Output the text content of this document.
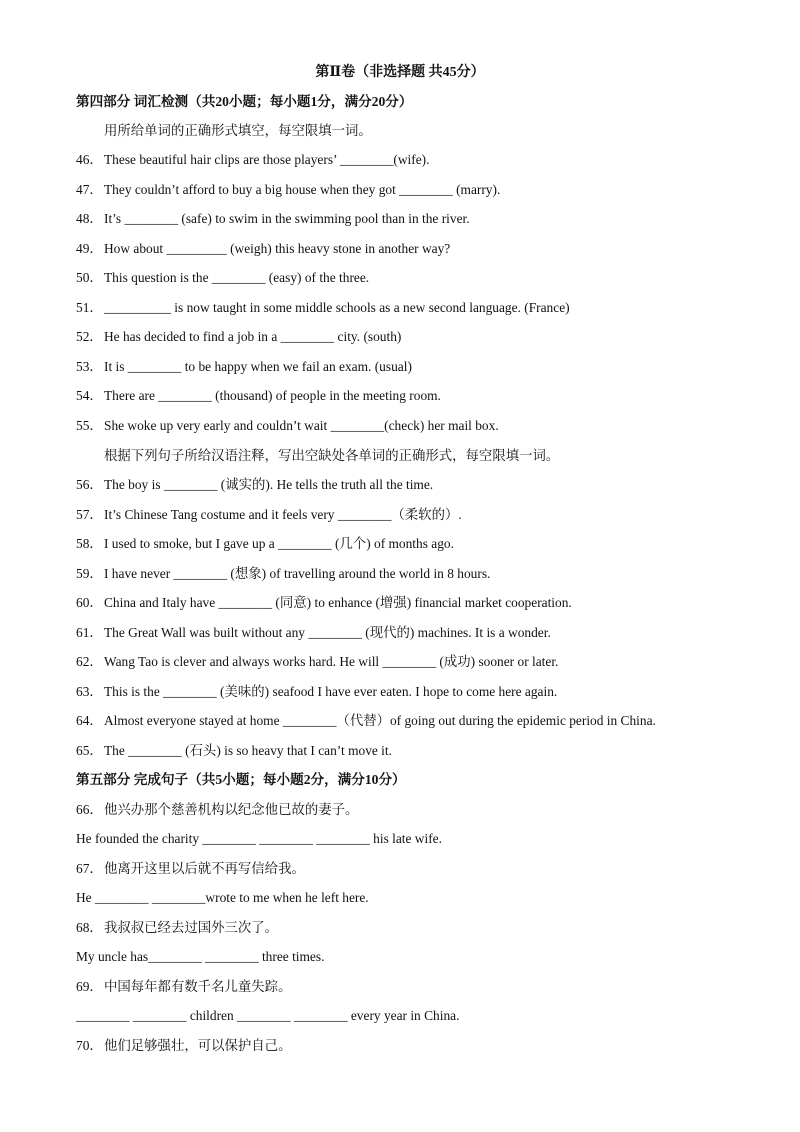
第Ⅱ卷（非选择题 共45分）
第四部分 词汇检测（共20小题；每小题1分，满分20分）
用所给单词的正确形式填空，每空限填一词。
46．These beautiful hair clips are those players’ ________(wife).
47．They couldn’t afford to buy a big house when they got ________ (marry).
48．It’s ________ (safe) to swim in the swimming pool than in the river.
49．How about _________ (weigh) this heavy stone in another way?
50．This question is the ________ (easy) of the three.
51．__________ is now taught in some middle schools as a new second language. (France)
52．He has decided to find a job in a ________ city. (south)
53．It is ________ to be happy when we fail an exam. (usual)
54．There are ________ (thousand) of people in the meeting room.
55．She woke up very early and couldn’t wait ________(check) her mail box.
根据下列句子所给汉语注释，写出空缺处各单词的正确形式，每空限填一词。
56．The boy is ________ (诚实的). He tells the truth all the time.
57．It’s Chinese Tang costume and it feels very ________（柔软的）.
58．I used to smoke, but I gave up a ________ (几个) of months ago.
59．I have never ________ (想象) of travelling around the world in 8 hours.
60．China and Italy have ________ (同意) to enhance (增强) financial market cooperation.
61．The Great Wall was built without any ________ (现代的) machines. It is a wonder.
62．Wang Tao is clever and always works hard. He will ________ (成功) sooner or later.
63．This is the ________ (美味的) seafood I have ever eaten. I hope to come here again.
64．Almost everyone stayed at home ________（代替）of going out during the epidemic period in China.
65．The ________ (石头) is so heavy that I can’t move it.
第五部分 完成句子（共5小题；每小题2分，满分10分）
66．他兴办那个慈善机构以纪念他已故的妻子。
He founded the charity ________ ________ ________ his late wife.
67．他离开这里以后就不再写信给我。
He ________ ________wrote to me when he left here.
68．我叔叔已经去过国外三次了。
My uncle has________ ________ three times.
69．中国每年都有数千名儿童失踪。
________ ________ children ________ ________ every year in China.
70．他们足够强壮，可以保护自己。
